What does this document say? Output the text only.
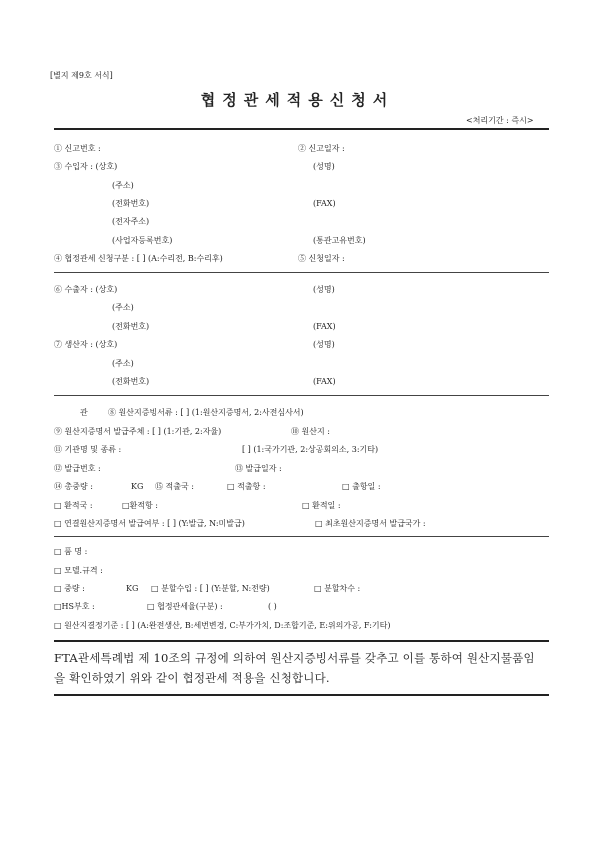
[별지 제9호 서식]
협정관세적용신청서
<처리기간 : 즉시>
① 신고번호 :	② 신고일자 :
③ 수입자 : (상호)	(성명)
(주소)
(전화번호)	(FAX)
(전자주소)
(사업자등록번호)	(통관고유번호)
④ 협정관세 신청구분 : [ ] (A:수리전, B:수리후)	⑤ 신청일자 :
⑥ 수출자 : (상호)	(성명)
(주소)
(전화번호)	(FAX)
⑦ 생산자 : (상호)	(성명)
(주소)
(전화번호)	(FAX)
관	⑧ 원산지증빙서류 : [ ] (1:원산지증명서, 2:사전심사서)
⑨ 원산지증명서 발급주체 : [ ] (1:기관, 2:자율)	⑩ 원산지 :
⑪ 기관명 및 종류 :	[ ] (1:국가기관, 2:상공회의소, 3:기타)
⑫ 발급번호 :	⑬ 발급일자 :
⑭ 총중량 :	KG ⑮ 적출국 :	□ 적출항 :	□ 출항일 :
□ 환적국 :	□환적항 :	□ 환적일 :
□ 연결원산지증명서 발급여부 : [ ] (Y:발급, N:미발급)	□ 최초원산지증명서 발급국가 :
□ 품 명 :
□ 모델.규격 :
□ 중량 :	KG □ 분할수입 : [ ] (Y:분할, N:전량)	□ 분할차수 :
□HS부호 :	□ 협정관세율(구분) :	( )
□ 원산지결정기준 : [ ] (A:완전생산, B:세번변경, C:부가가치, D:조합기준, E:위의가공, F:기타)
FTA관세특례법 제 10조의 규정에 의하여 원산지증빙서류를 갖추고 이를 통하여 원산지물품임을 확인하였기 위와 같이 협정관세 적용을 신청합니다.
